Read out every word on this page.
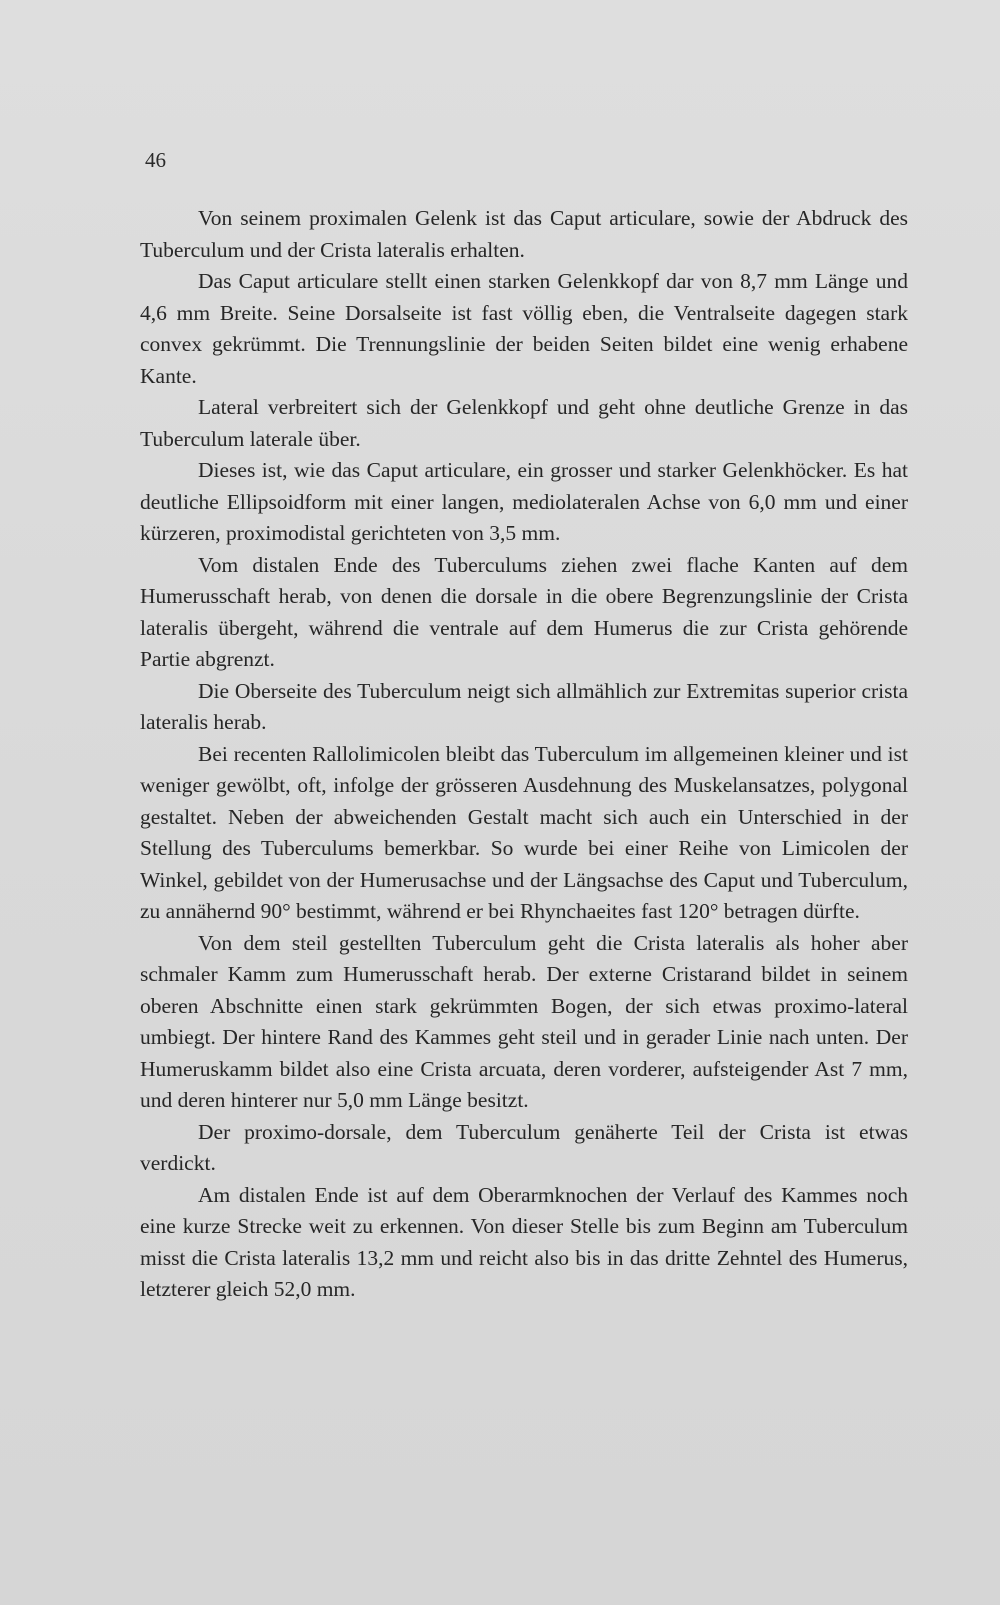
46

Von seinem proximalen Gelenk ist das Caput articulare, sowie der Abdruck des Tuberculum und der Crista lateralis erhalten.

Das Caput articulare stellt einen starken Gelenkkopf dar von 8,7 mm Länge und 4,6 mm Breite. Seine Dorsalseite ist fast völlig eben, die Ventralseite dagegen stark convex gekrümmt. Die Trennungslinie der beiden Seiten bildet eine wenig erhabene Kante.

Lateral verbreitert sich der Gelenkkopf und geht ohne deutliche Grenze in das Tuberculum laterale über.

Dieses ist, wie das Caput articulare, ein grosser und starker Gelenkhöcker. Es hat deutliche Ellipsoidform mit einer langen, mediolateralen Achse von 6,0 mm und einer kürzeren, proximodistal gerichteten von 3,5 mm.

Vom distalen Ende des Tuberculums ziehen zwei flache Kanten auf dem Humerusschaft herab, von denen die dorsale in die obere Begrenzungslinie der Crista lateralis übergeht, während die ventrale auf dem Humerus die zur Crista gehörende Partie abgrenzt.

Die Oberseite des Tuberculum neigt sich allmählich zur Extremitas superior crista lateralis herab.

Bei recenten Rallolimicolen bleibt das Tuberculum im allgemeinen kleiner und ist weniger gewölbt, oft, infolge der grösseren Ausdehnung des Muskelansatzes, polygonal gestaltet. Neben der abweichenden Gestalt macht sich auch ein Unterschied in der Stellung des Tuberculums bemerkbar. So wurde bei einer Reihe von Limicolen der Winkel, gebildet von der Humerusachse und der Längsachse des Caput und Tuberculum, zu annähernd 90° bestimmt, während er bei Rhynchaeites fast 120° betragen dürfte.

Von dem steil gestellten Tuberculum geht die Crista lateralis als hoher aber schmaler Kamm zum Humerusschaft herab. Der externe Cristarand bildet in seinem oberen Abschnitte einen stark gekrümmten Bogen, der sich etwas proximo-lateral umbiegt. Der hintere Rand des Kammes geht steil und in gerader Linie nach unten. Der Humeruskamm bildet also eine Crista arcuata, deren vorderer, aufsteigender Ast 7 mm, und deren hinterer nur 5,0 mm Länge besitzt.

Der proximo-dorsale, dem Tuberculum genäherte Teil der Crista ist etwas verdickt.

Am distalen Ende ist auf dem Oberarmknochen der Verlauf des Kammes noch eine kurze Strecke weit zu erkennen. Von dieser Stelle bis zum Beginn am Tuberculum misst die Crista lateralis 13,2 mm und reicht also bis in das dritte Zehntel des Humerus, letzterer gleich 52,0 mm.
